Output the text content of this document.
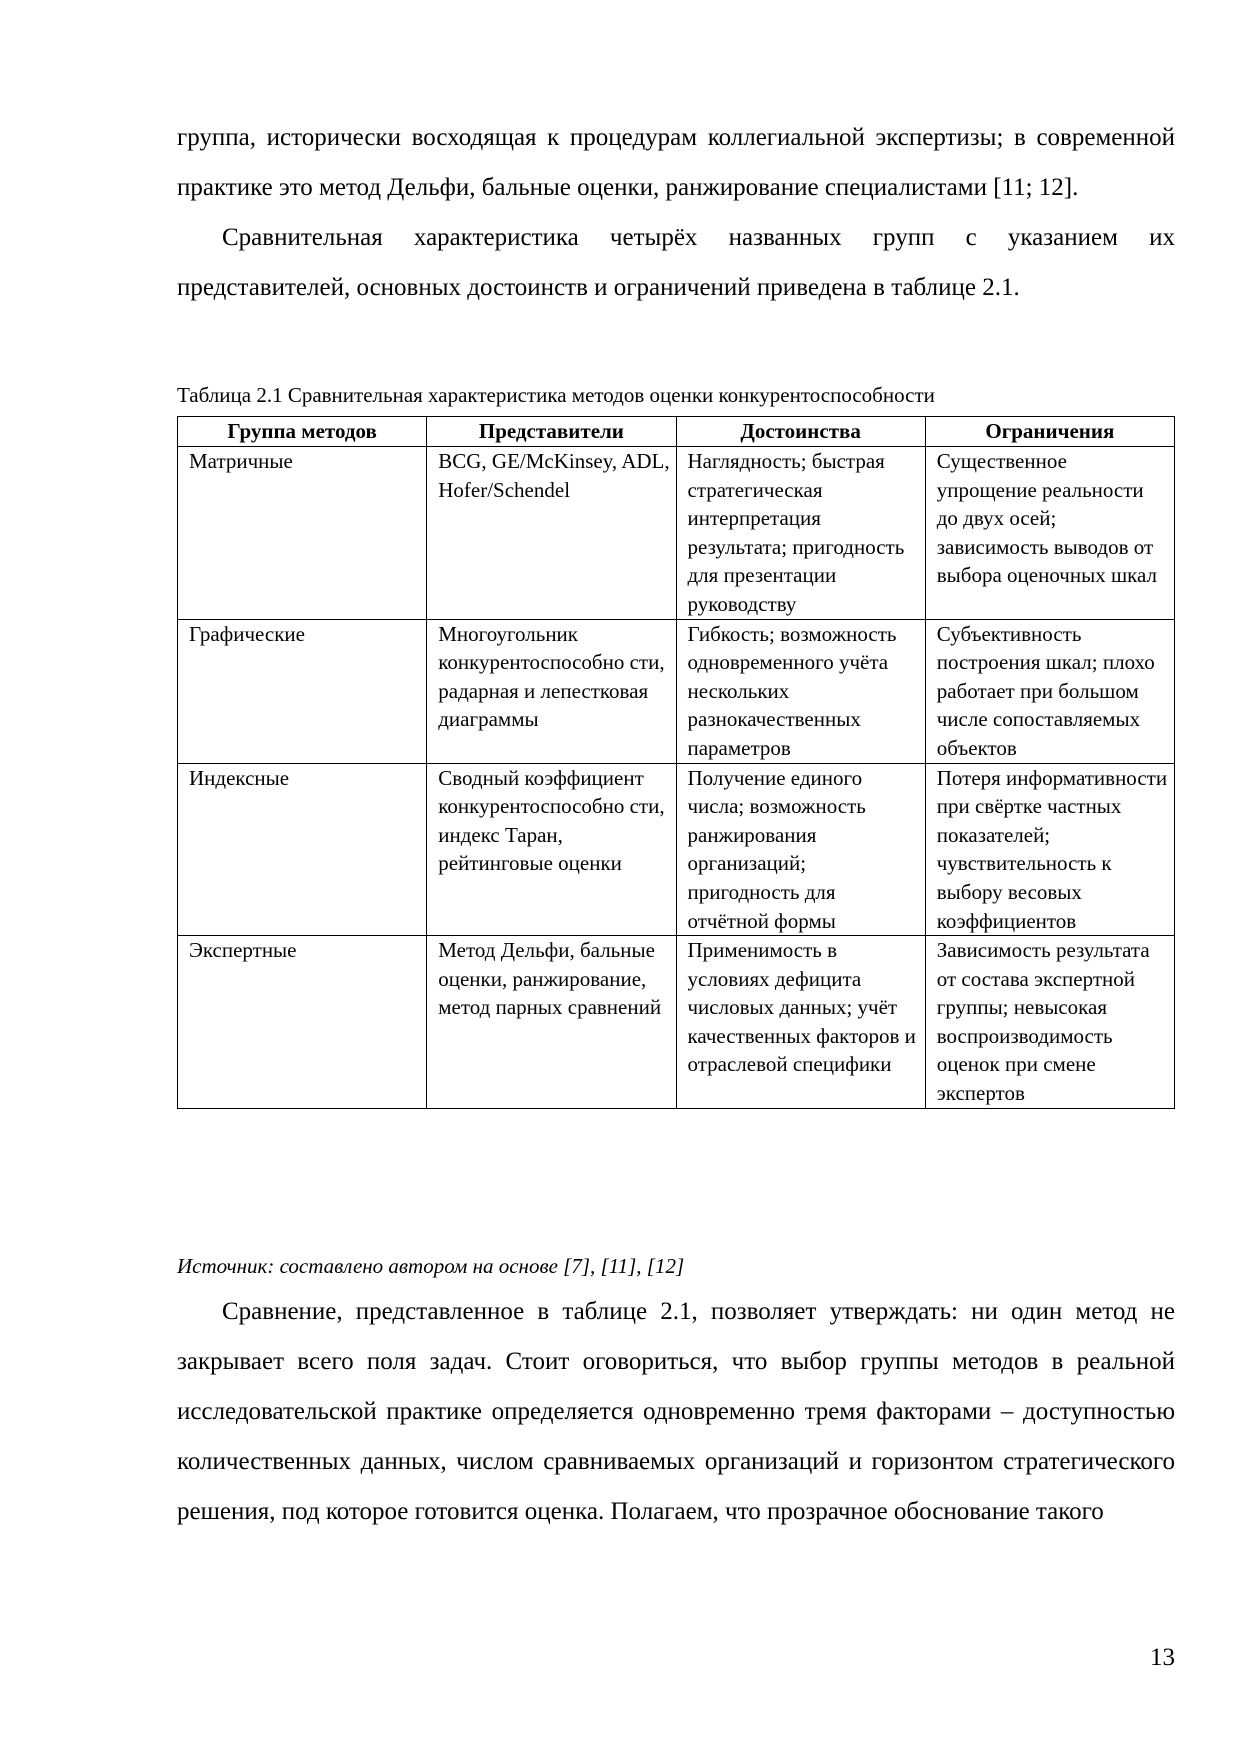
группа, исторически восходящая к процедурам коллегиальной экспертизы; в современной практике это метод Дельфи, бальные оценки, ранжирование специалистами [11; 12].

Сравнительная характеристика четырёх названных групп с указанием их представителей, основных достоинств и ограничений приведена в таблице 2.1.

Таблица 2.1 Сравнительная характеристика методов оценки конкурентоспособности
Группа методов	Представители	Достоинства	Ограничения
Матричные	BCG, GE/McKinsey, ADL, Hofer/Schendel	Наглядность; быстрая стратегическая интерпретация результата; пригодность для презентации руководству	Существенное упрощение реальности до двух осей; зависимость выводов от выбора оценочных шкал
Графические	Многоугольник конкурентоспособно сти, радарная и лепестковая диаграммы	Гибкость; возможность одновременного учёта нескольких разнокачественных параметров	Субъективность построения шкал; плохо работает при большом числе сопоставляемых объектов
Индексные	Сводный коэффициент конкурентоспособно сти, индекс Таран, рейтинговые оценки	Получение единого числа; возможность ранжирования организаций; пригодность для отчётной формы	Потеря информативности при свёртке частных показателей; чувствительность к выбору весовых коэффициентов
Экспертные	Метод Дельфи, бальные оценки, ранжирование, метод парных сравнений	Применимость в условиях дефицита числовых данных; учёт качественных факторов и отраслевой специфики	Зависимость результата от состава экспертной группы; невысокая воспроизводимость оценок при смене экспертов
Источник: составлено автором на основе [7], [11], [12]

Сравнение, представленное в таблице 2.1, позволяет утверждать: ни один метод не закрывает всего поля задач. Стоит оговориться, что выбор группы методов в реальной исследовательской практике определяется одновременно тремя факторами – доступностью количественных данных, числом сравниваемых организаций и горизонтом стратегического решения, под которое готовится оценка. Полагаем, что прозрачное обоснование такого

13
